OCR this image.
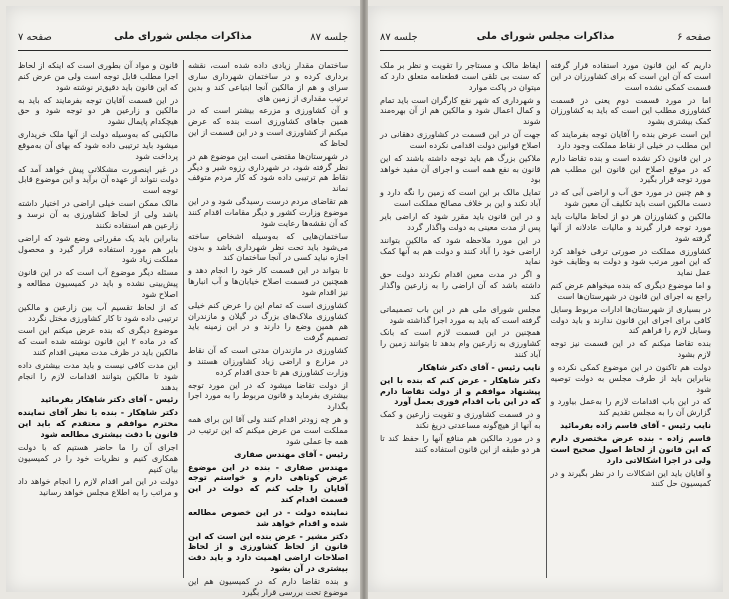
صفحه ۷	مذاکرات مجلس شورای ملی	جلسه ۸۷

ساختمان مقدار زیادی داده شده است، نقشه برداری کرده و در ساختمان شهرداری ساری سرای و هم از مالکین آنجا ابتیاعی کند و بدین ترتیب مقداری از زمین های

و آن کشاورزی و مزرعه بیشتر است که در همین جاهای کشاورزی است بنده که عرض میکنم از کشاورزی است و در این قسمت از این لحاظ که

در شهرستان‌ها مقتضی است این موضوع هم در نظر گرفته شود، در شهرداری رزوه شیر و دیگر نقاط هم ترتیبی داده شود که کار مردم متوقف نماند

هم تقاضای مردم درست رسیدگی شود و در این موضوع وزارت کشور و دیگر مقامات اقدام کنند که آن نقشه‌ها رعایت شود

ساختمان‌هایی که به‌وسیله اشخاص ساخته می‌شود باید تحت نظر شهرداری باشد و بدون اجازه نباید کسی در آنجا ساختمان کند

تا بتواند در این قسمت کار خود را انجام دهد و همچنین در قسمت اصلاح خیابان‌ها و آب انبار‌ها نیز اقدام شود

کشاورزی است که تمام این را عرض کنم خیلی کشاورزی ملاک‌های بزرگ در گیلان و مازندران هم همین وضع را دارند و در این زمینه باید تصمیم گرفت

کشاورزی در مازندران مدتی است که آن نقاط در مزارع و اراضی زیاد کشاورزان هستند و وزارت کشاورزی هم تا حدی اقدام کرده

از دولت تقاضا میشود که در این مورد توجه بیشتری بفرماید و قانون مربوط را به مورد اجرا بگذارد

و هر چه زودتر اقدام کنند ولی آقا این برای همه مملکت است من عرض میکنم که این ترتیب در همه جا عملی شود

رئیس - آقای مهندس صفاری

مهندس صفاری - بنده در این موضوع عرض کوتاهی دارم و خواستم توجه آقایان را جلب کنم که دولت در این قسمت اقدام کند

نماینده دولت - در این خصوص مطالعه شده و اقدام خواهد شد

دکتر مشیر - عرض بنده این است که این قانون از لحاظ کشاورزی و از لحاظ اصلاحات اراضی اهمیت دارد و باید دقت بیشتری در آن بشود

و بنده تقاضا دارم که در کمیسیون هم این موضوع تحت بررسی قرار بگیرد

قانون و مواد آن بطوری است که اینکه از لحاظ اجرا مطلب قابل توجه است ولی من عرض کنم که این قانون باید دقیق‌تر نوشته شود

در این قسمت آقایان توجه بفرمایند که باید به مالکین و زارعین هر دو توجه شود و حق هیچکدام پایمال نشود

مالکینی که به‌وسیله دولت از آنها ملک خریداری میشود باید ترتیبی داده شود که بهای آن به‌موقع پرداخت شود

در غیر اینصورت مشکلاتی پیش خواهد آمد که دولت نتواند از عهده آن برآید و این موضوع قابل توجه است

مالک ممکن است خیلی اراضی در اختیار داشته باشد ولی از لحاظ کشاورزی به آن نرسد و زارعین هم استفاده نکنند

بنابراین باید یک مقرراتی وضع شود که اراضی بایر هم مورد استفاده قرار گیرد و محصول مملکت زیاد شود

مسئله دیگر موضوع آب است که در این قانون پیش‌بینی نشده و باید در کمیسیون مطالعه و اصلاح شود

که از لحاظ تقسیم آب بین زارعین و مالکین ترتیبی داده شود تا کار کشاورزی مختل نگردد

موضوع دیگری که بنده عرض میکنم این است که در ماده ۲ این قانون نوشته شده است که مالکین باید در ظرف مدت معینی اقدام کنند

این مدت کافی نیست و باید مدت بیشتری داده شود تا مالکین بتوانند اقدامات لازم را انجام بدهند

رئیس - آقای دکتر شاهکار بفرمائید

دکتر شاهکار - بنده با نظر آقای نماینده محترم موافقم و معتقدم که باید این قانون با دقت بیشتری مطالعه شود

اجرای آن را ما حاضر هستیم که با دولت همکاری کنیم و نظریات خود را در کمیسیون بیان کنیم

دولت در این امر اقدام لازم را انجام خواهد داد و مراتب را به اطلاع مجلس خواهد رسانید

جلسه ۸۷	مذاکرات مجلس شورای ملی	صفحه ۶

داریم که این قانون مورد استفاده قرار گرفته است که آن این است که برای کشاورزان در این قسمت کمکی نشده است

اما در مورد قسمت دوم یعنی در قسمت کشاورزی مطلب این است که باید به کشاورزان کمک بیشتری بشود

این است عرض بنده را آقایان توجه بفرمایند که این مطلب در خیلی از نقاط مملکت وجود دارد

در این قانون ذکر نشده است و بنده تقاضا دارم که در موقع اصلاح این قانون این مطلب هم مورد توجه قرار بگیرد

و هم چنین در مورد حق آب و اراضی آبی که در دست مالکین است باید تکلیف آن معین شود

مالکین و کشاورزان هر دو از لحاظ مالیات باید مورد توجه قرار گیرند و مالیات عادلانه از آنها گرفته شود

کشاورزی مملکت در صورتی ترقی خواهد کرد که این امور مرتب شود و دولت به وظایف خود عمل نماید

و اما موضوع دیگری که بنده میخواهم عرض کنم راجع به اجرای این قانون در شهرستان‌ها است

در بسیاری از شهرستان‌ها ادارات مربوط وسایل کافی برای اجرای این قانون ندارند و باید دولت وسایل لازم را فراهم کند

بنده تقاضا میکنم که در این قسمت نیز توجه لازم بشود

دولت هم تاکنون در این موضوع کمکی نکرده و بنابراین باید از طرف مجلس به دولت توصیه شود

که در این باب اقدامات لازم را به‌عمل بیاورد و گزارش آن را به مجلس تقدیم کند

نایب رئیس - آقای قاسم زاده بفرمائید

قاسم زاده - بنده عرض مختصری دارم که این قانون از لحاظ اصول صحیح است ولی در اجرا اشکالاتی دارد

و آقایان باید این اشکالات را در نظر بگیرند و در کمیسیون حل کنند

ایفاظ مالک و مستاجر را تقویت و نظر بر ملک که سنت بی تلقی است قطعنامه متعلق دارد که میتوان در پاکت موارد

و شهرداری که شهر نفع کارگران است باید تمام و کمال اعمال شود و مالکین هم از آن بهره‌مند شوند

جهت آن در این قسمت در کشاورزی دهقانی در اصلاح قوانین دولت اقدامی نکرده است

ملاکین بزرگ هم باید توجه داشته باشند که این قانون به نفع همه است و اجرای آن مفید خواهد بود

تمایل مالک بر این است که زمین را نگه دارد و آباد نکند و این بر خلاف مصالح مملکت است

و در این قانون باید مقرر شود که اراضی بایر پس از مدت معینی به دولت واگذار گردد

در این مورد ملاحظه شود که مالکین بتوانند اراضی خود را آباد کنند و دولت هم به آنها کمک نماید

و اگر در مدت معین اقدام نکردند دولت حق داشته باشد که آن اراضی را به زارعین واگذار کند

مجلس شورای ملی هم در این باب تصمیماتی گرفته است که باید به مورد اجرا گذاشته شود

همچنین در این قسمت لازم است که بانک کشاورزی به زارعین وام بدهد تا بتوانند زمین را آباد کنند

نایب رئیس - آقای دکتر شاهکار

دکتر شاهکار - عرض کنم که بنده با این پیشنهاد موافقم و از دولت تقاضا دارم که در این باب اقدام فوری بعمل آورد

و در قسمت کشاورزی و تقویت زارعین و کمک به آنها از هیچ‌گونه مساعدتی دریغ نکند

و در مورد مالکین هم منافع آنها را حفظ کند تا هر دو طبقه از این قانون استفاده کنند
